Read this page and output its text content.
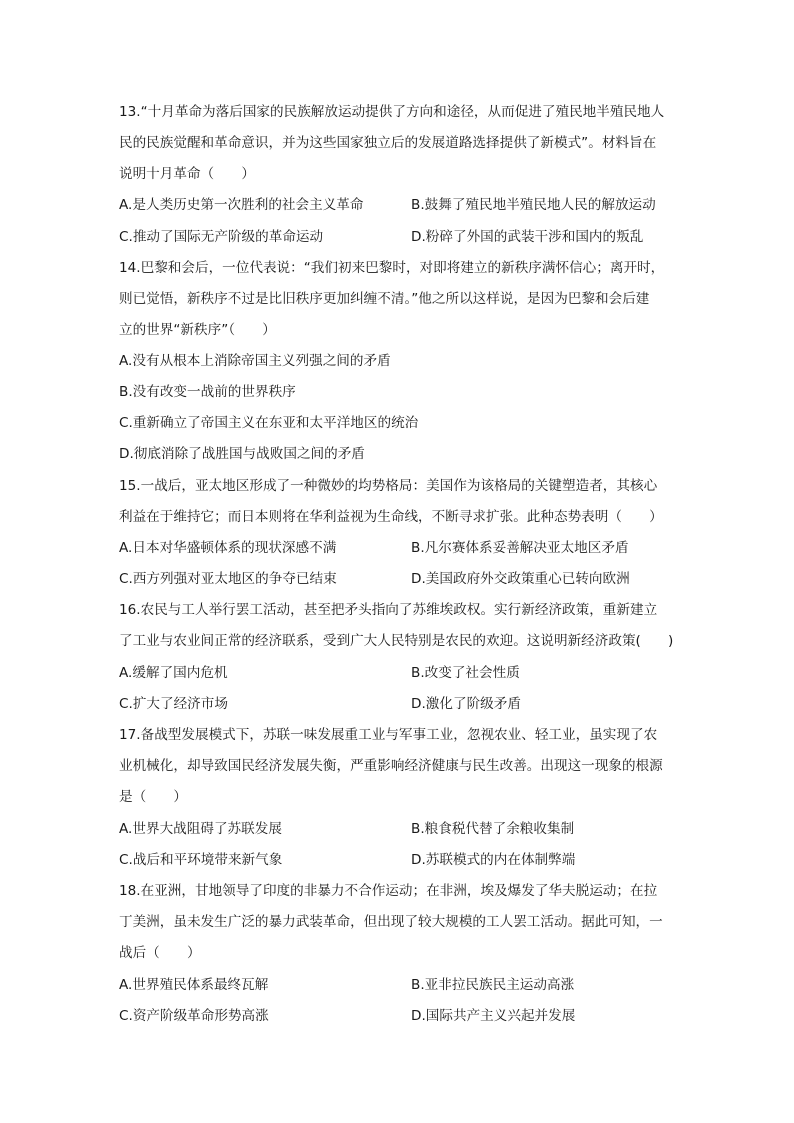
13.“十月革命为落后国家的民族解放运动提供了方向和途径，从而促进了殖民地半殖民地人
民的民族觉醒和革命意识，并为这些国家独立后的发展道路选择提供了新模式”。材料旨在
说明十月革命（　　）
A.是人类历史第一次胜利的社会主义革命	B.鼓舞了殖民地半殖民地人民的解放运动
C.推动了国际无产阶级的革命运动	D.粉碎了外国的武装干涉和国内的叛乱
14.巴黎和会后，一位代表说：“我们初来巴黎时，对即将建立的新秩序满怀信心；离开时，
则已觉悟，新秩序不过是比旧秩序更加纠缠不清。”他之所以这样说，是因为巴黎和会后建
立的世界“新秩序”（　　）
A.没有从根本上消除帝国主义列强之间的矛盾
B.没有改变一战前的世界秩序
C.重新确立了帝国主义在东亚和太平洋地区的统治
D.彻底消除了战胜国与战败国之间的矛盾
15.一战后，亚太地区形成了一种微妙的均势格局：美国作为该格局的关键塑造者，其核心
利益在于维持它；而日本则将在华利益视为生命线，不断寻求扩张。此种态势表明（　　）
A.日本对华盛顿体系的现状深感不满	B.凡尔赛体系妥善解决亚太地区矛盾
C.西方列强对亚太地区的争夺已结束	D.美国政府外交政策重心已转向欧洲
16.农民与工人举行罢工活动，甚至把矛头指向了苏维埃政权。实行新经济政策，重新建立
了工业与农业间正常的经济联系，受到广大人民特别是农民的欢迎。这说明新经济政策(　　)
A.缓解了国内危机	B.改变了社会性质
C.扩大了经济市场	D.激化了阶级矛盾
17.备战型发展模式下，苏联一味发展重工业与军事工业，忽视农业、轻工业，虽实现了农
业机械化，却导致国民经济发展失衡，严重影响经济健康与民生改善。出现这一现象的根源
是（　　）
A.世界大战阻碍了苏联发展	B.粮食税代替了余粮收集制
C.战后和平环境带来新气象	D.苏联模式的内在体制弊端
18.在亚洲，甘地领导了印度的非暴力不合作运动；在非洲，埃及爆发了华夫脱运动；在拉
丁美洲，虽未发生广泛的暴力武装革命，但出现了较大规模的工人罢工活动。据此可知，一
战后（　　）
A.世界殖民体系最终瓦解	B.亚非拉民族民主运动高涨
C.资产阶级革命形势高涨	D.国际共产主义兴起并发展
